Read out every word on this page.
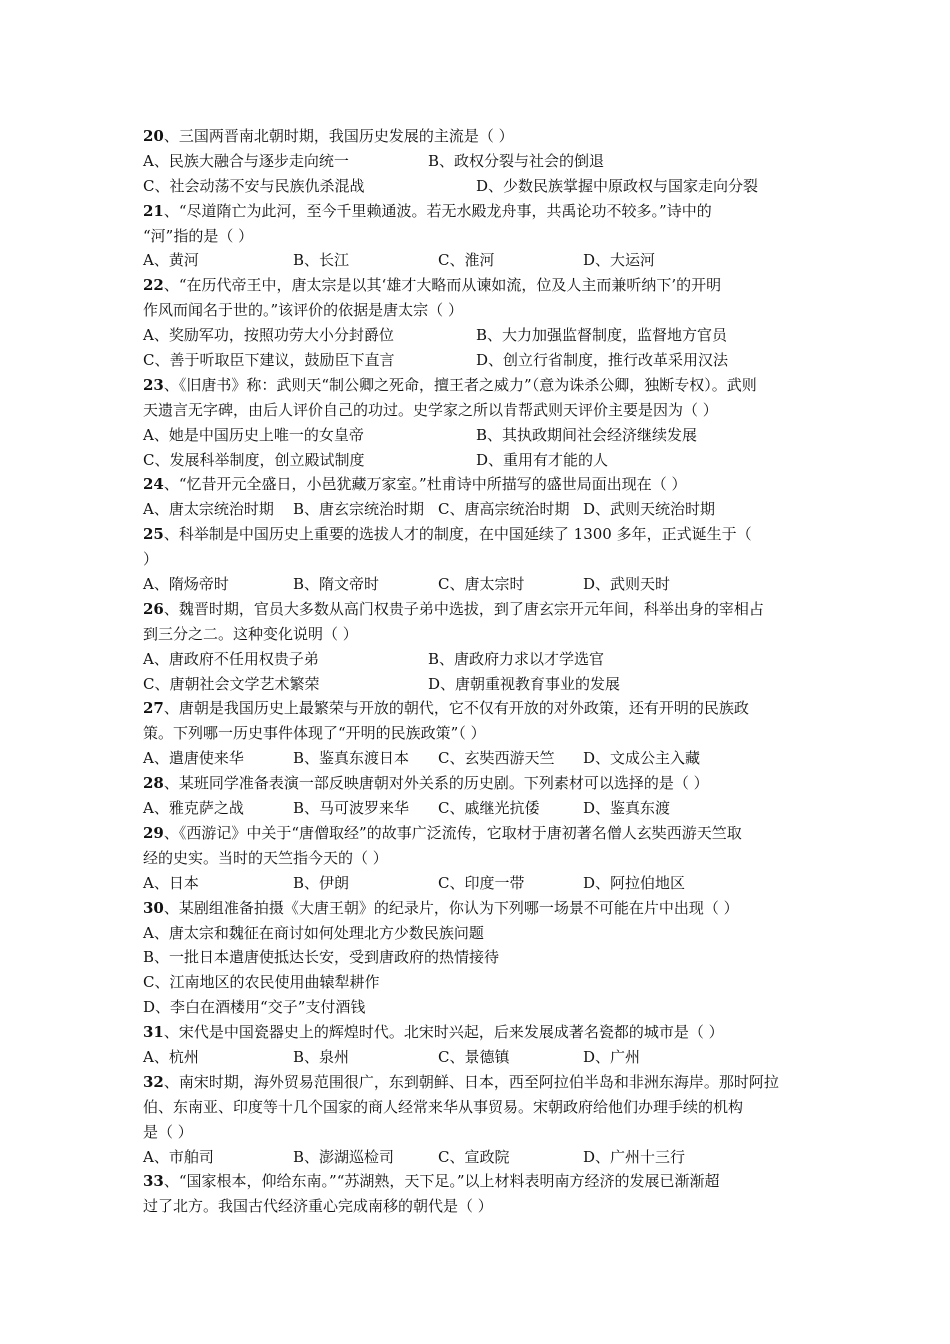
20、三国两晋南北朝时期，我国历史发展的主流是（ ）
A、民族大融合与逐步走向统一	B、政权分裂与社会的倒退
C、社会动荡不安与民族仇杀混战	D、少数民族掌握中原政权与国家走向分裂
21、“尽道隋亡为此河，至今千里赖通波。若无水殿龙舟事，共禹论功不较多。”诗中的
“河”指的是（ ）
A、黄河	B、长江	C、淮河	D、大运河
22、“在历代帝王中，唐太宗是以其‘雄才大略而从谏如流，位及人主而兼听纳下’的开明
作风而闻名于世的。”该评价的依据是唐太宗（ ）
A、奖励军功，按照功劳大小分封爵位	B、大力加强监督制度，监督地方官员
C、善于听取臣下建议，鼓励臣下直言	D、创立行省制度，推行改革采用汉法
23、《旧唐书》称：武则天“制公卿之死命，擅王者之威力”（意为诛杀公卿，独断专权）。武则
天遗言无字碑，由后人评价自己的功过。史学家之所以肯帮武则天评价主要是因为（ ）
A、她是中国历史上唯一的女皇帝	B、其执政期间社会经济继续发展
C、发展科举制度，创立殿试制度	D、重用有才能的人
24、“忆昔开元全盛日，小邑犹藏万家室。”杜甫诗中所描写的盛世局面出现在（ ）
A、唐太宗统治时期 B、唐玄宗统治时期 C、唐高宗统治时期 D、武则天统治时期
25、科举制是中国历史上重要的选拔人才的制度，在中国延续了 1300 多年，正式诞生于（
）
A、隋炀帝时	B、隋文帝时	C、唐太宗时	D、武则天时
26、魏晋时期，官员大多数从高门权贵子弟中选拔，到了唐玄宗开元年间，科举出身的宰相占
到三分之二。这种变化说明（ ）
A、唐政府不任用权贵子弟	B、唐政府力求以才学选官
C、唐朝社会文学艺术繁荣	D、唐朝重视教育事业的发展
27、唐朝是我国历史上最繁荣与开放的朝代，它不仅有开放的对外政策，还有开明的民族政
策。下列哪一历史事件体现了“开明的民族政策”（ ）
A、遣唐使来华	B、鉴真东渡日本 C、玄奘西游天竺 D、文成公主入藏
28、某班同学准备表演一部反映唐朝对外关系的历史剧。下列素材可以选择的是（ ）
A、雅克萨之战	B、马可波罗来华 C、戚继光抗倭	D、鉴真东渡
29、《西游记》中关于“唐僧取经”的故事广泛流传，它取材于唐初著名僧人玄奘西游天竺取
经的史实。当时的天竺指今天的（ ）
A、日本	B、伊朗	C、印度一带	D、阿拉伯地区
30、某剧组准备拍摄《大唐王朝》的纪录片，你认为下列哪一场景不可能在片中出现（ ）
A、唐太宗和魏征在商讨如何处理北方少数民族问题
B、一批日本遣唐使抵达长安，受到唐政府的热情接待
C、江南地区的农民使用曲辕犁耕作
D、李白在酒楼用“交子”支付酒钱
31、宋代是中国瓷器史上的辉煌时代。北宋时兴起，后来发展成著名瓷都的城市是（ ）
A、杭州	B、泉州	C、景德镇	D、广州
32、南宋时期，海外贸易范围很广，东到朝鲜、日本，西至阿拉伯半岛和非洲东海岸。那时阿拉
伯、东南亚、印度等十几个国家的商人经常来华从事贸易。宋朝政府给他们办理手续的机构
是（ ）
A、市舶司	B、澎湖巡检司	C、宣政院	D、广州十三行
33、“国家根本，仰给东南。”“苏湖熟，天下足。”以上材料表明南方经济的发展已渐渐超
过了北方。我国古代经济重心完成南移的朝代是（ ）
